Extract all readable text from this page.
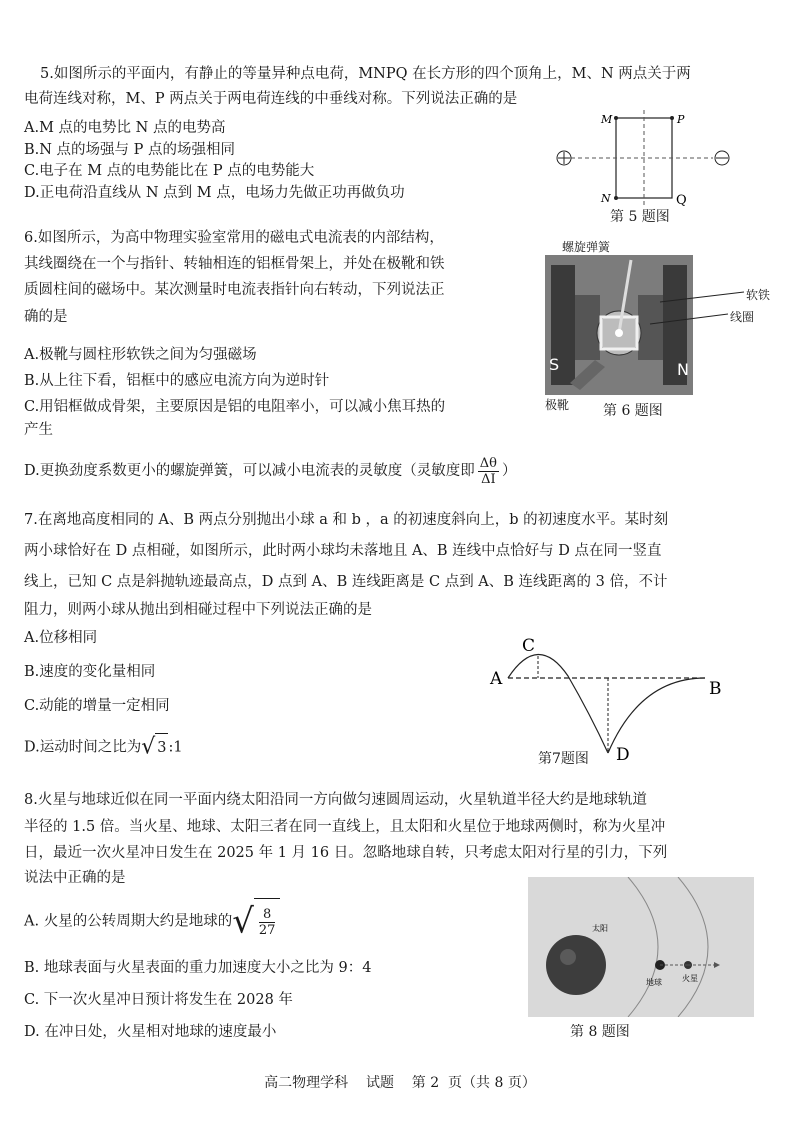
5.如图所示的平面内，有静止的等量异种点电荷，MNPQ 在长方形的四个顶角上，M、N 两点关于两
电荷连线对称，M、P 两点关于两电荷连线的中垂线对称。下列说法正确的是
A.M 点的电势比 N 点的电势高
B.N 点的场强与 P 点的场强相同
C.电子在 M 点的电势能比在 P 点的电势能大
D.正电荷沿直线从 N 点到 M 点，电场力先做正功再做负功
M	P
N	Q
第 5 题图
6.如图所示，为高中物理实验室常用的磁电式电流表的内部结构，
其线圈绕在一个与指针、转轴相连的铝框骨架上，并处在极靴和铁
质圆柱间的磁场中。某次测量时电流表指针向右转动，下列说法正
确的是
A.极靴与圆柱形软铁之间为匀强磁场
B.从上往下看，铝框中的感应电流方向为逆时针
C.用铝框做成骨架，主要原因是铝的电阻率小，可以减小焦耳热的
产生
D.更换劲度系数更小的螺旋弹簧，可以减小电流表的灵敏度（灵敏度即 $\frac{\Delta\theta}{\Delta I}$ ）
S	N
螺旋弹簧
软铁
线圈
极靴 第 6 题图
7.在离地高度相同的 A、B 两点分别抛出小球 a 和 b ，a 的初速度斜向上，b 的初速度水平。某时刻
两小球恰好在 D 点相碰，如图所示，此时两小球均未落地且 A、B 连线中点恰好与 D 点在同一竖直
线上，已知 C 点是斜抛轨迹最高点，D 点到 A、B 连线距离是 C 点到 A、B 连线距离的 3 倍，不计
阻力，则两小球从抛出到相碰过程中下列说法正确的是
A.位移相同
B.速度的变化量相同
C.动能的增量一定相同
D.运动时间之比为√ 3 :1
A	B
C
D
第7题图
8.火星与地球近似在同一平面内绕太阳沿同一方向做匀速圆周运动，火星轨道半径大约是地球轨道
半径的 1.5 倍。当火星、地球、太阳三者在同一直线上，且太阳和火星位于地球两侧时，称为火星冲
日，最近一次火星冲日发生在 2025 年 1 月 16 日。忽略地球自转，只考虑太阳对行星的引力，下列
说法中正确的是
A. 火星的公转周期大约是地球的√ $\frac{8}{27}$
B. 地球表面与火星表面的重力加速度大小之比为 9：4
C. 下一次火星冲日预计将发生在 2028 年
D. 在冲日处，火星相对地球的速度最小
太阳
地球	火星
第 8 题图
高二物理学科    试题    第 2  页（共 8 页）
